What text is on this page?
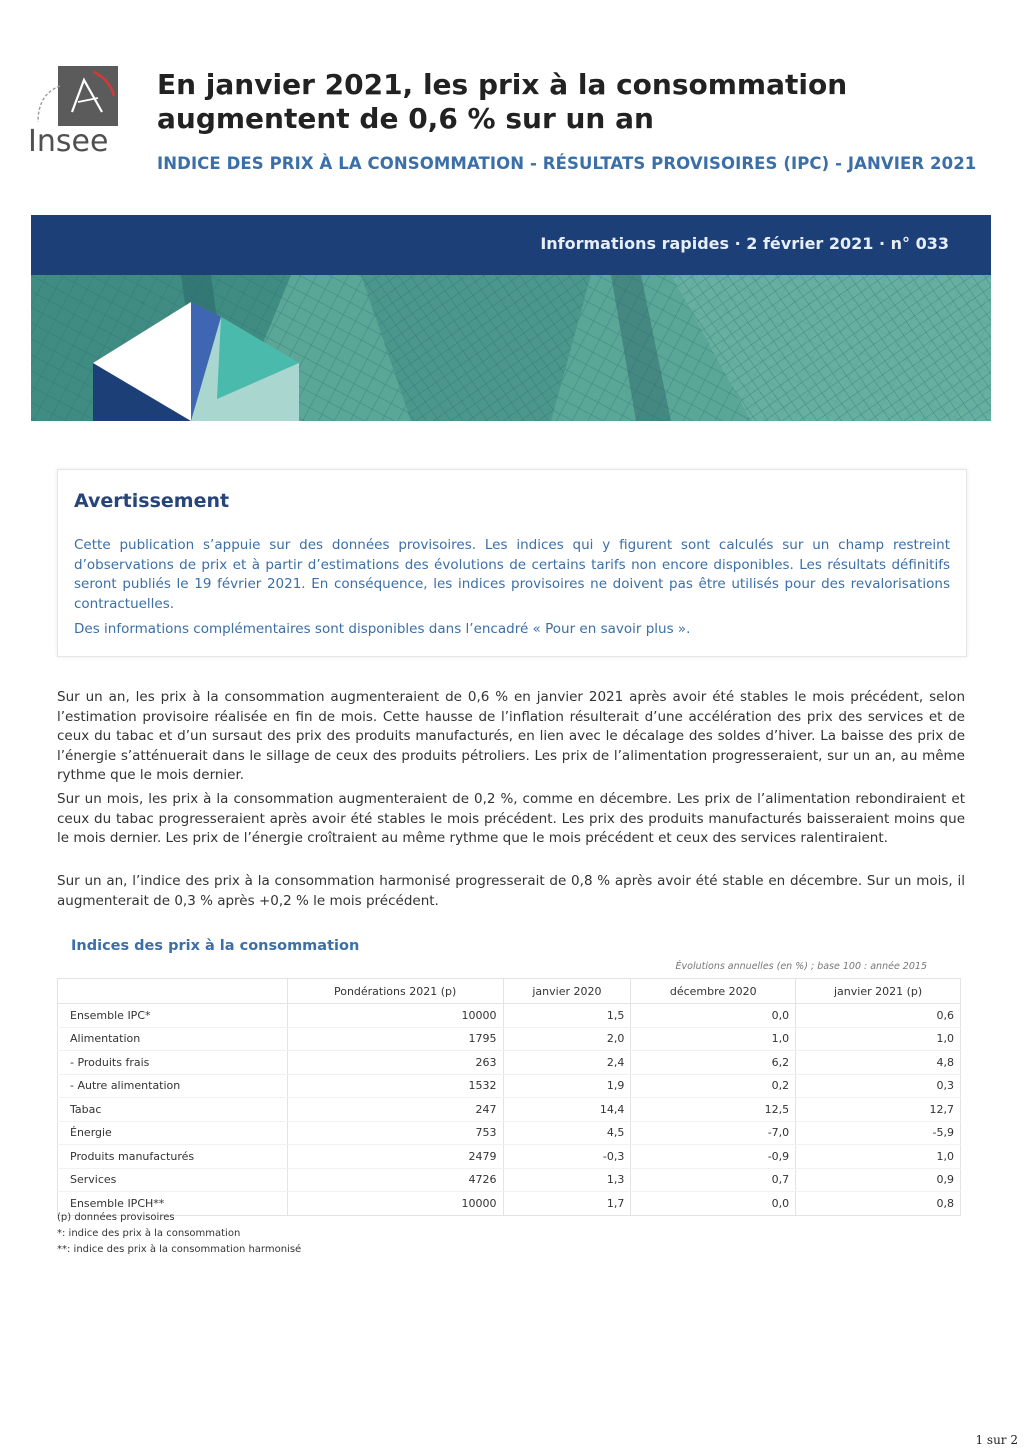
Insee
En janvier 2021, les prix à la consommation augmentent de 0,6 % sur un an

INDICE DES PRIX À LA CONSOMMATION - RÉSULTATS PROVISOIRES (IPC) - JANVIER 2021

Informations rapides · 2 février 2021 · n° 033
Avertissement

Cette publication s’appuie sur des données provisoires. Les indices qui y figurent sont calculés sur un champ restreint d’observations de prix et à partir d’estimations des évolutions de certains tarifs non encore disponibles. Les résultats définitifs seront publiés le 19 février 2021. En conséquence, les indices provisoires ne doivent pas être utilisés pour des revalorisations contractuelles.

Des informations complémentaires sont disponibles dans l’encadré « Pour en savoir plus ».

Sur un an, les prix à la consommation augmenteraient de 0,6 % en janvier 2021 après avoir été stables le mois précédent, selon l’estimation provisoire réalisée en fin de mois. Cette hausse de l’inflation résulterait d’une accélération des prix des services et de ceux du tabac et d’un sursaut des prix des produits manufacturés, en lien avec le décalage des soldes d’hiver. La baisse des prix de l’énergie s’atténuerait dans le sillage de ceux des produits pétroliers. Les prix de l’alimentation progresseraient, sur un an, au même rythme que le mois dernier.

Sur un mois, les prix à la consommation augmenteraient de 0,2 %, comme en décembre. Les prix de l’alimentation rebondiraient et ceux du tabac progresseraient après avoir été stables le mois précédent. Les prix des produits manufacturés baisseraient moins que le mois dernier. Les prix de l’énergie croîtraient au même rythme que le mois précédent et ceux des services ralentiraient.

Sur un an, l’indice des prix à la consommation harmonisé progresserait de 0,8 % après avoir été stable en décembre. Sur un mois, il augmenterait de 0,3 % après +0,2 % le mois précédent.

Indices des prix à la consommation
Évolutions annuelles (en %) ; base 100 : année 2015
	Pondérations 2021 (p)	janvier 2020	décembre 2020	janvier 2021 (p)
Ensemble IPC*	10000	1,5	0,0	0,6
Alimentation	1795	2,0	1,0	1,0
- Produits frais	263	2,4	6,2	4,8
- Autre alimentation	1532	1,9	0,2	0,3
Tabac	247	14,4	12,5	12,7
Énergie	753	4,5	-7,0	-5,9
Produits manufacturés	2479	-0,3	-0,9	1,0
Services	4726	1,3	0,7	0,9
Ensemble IPCH**	10000	1,7	0,0	0,8
(p) données provisoires
*: indice des prix à la consommation
**: indice des prix à la consommation harmonisé
1 sur 2
